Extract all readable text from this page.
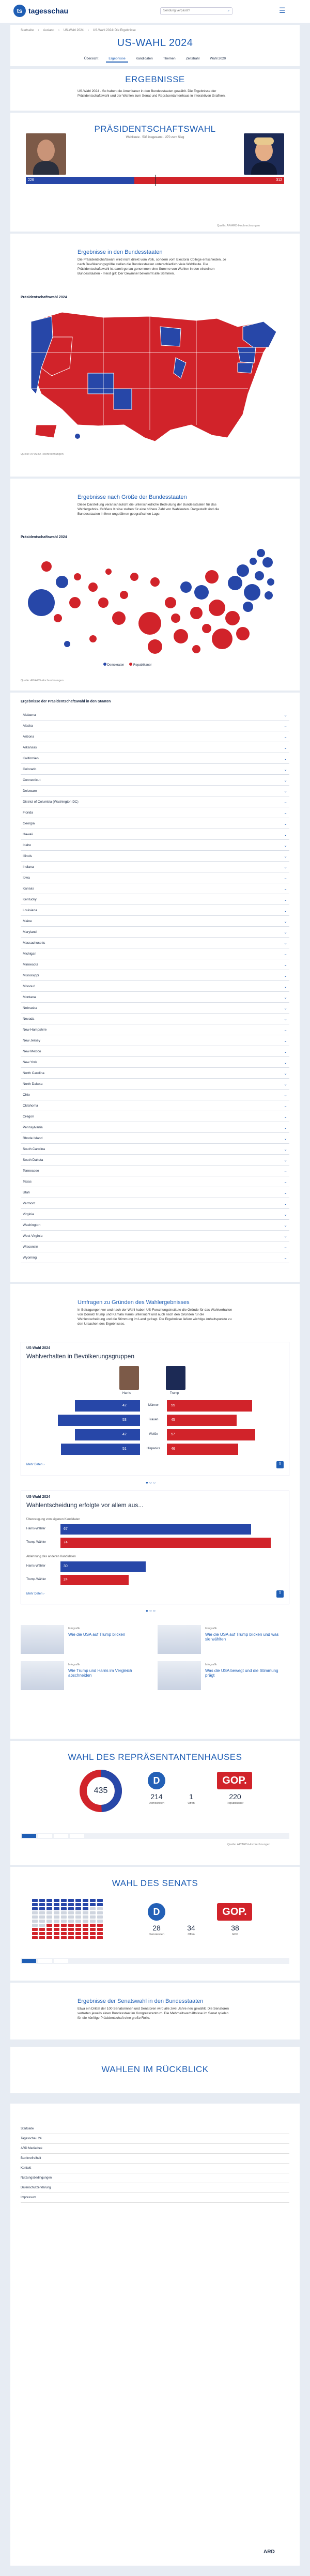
ts tagesschau	Sendung verpasst?	⌕	☰
Startseite › Ausland › US-Wahl 2024 › US-Wahl 2024: Die Ergebnisse
US-WAHL 2024
Übersicht	Ergebnisse	Kandidaten	Themen	Zeitstrahl	Wahl 2020
ERGEBNISSE
US-Wahl 2024 - So haben die Amerikaner in den Bundesstaaten gewählt. Die Ergebnisse der Präsidentschaftswahl und der Wahlen zum Senat und Repräsentantenhaus in interaktiven Grafiken.
PRÄSIDENTSCHAFTSWAHL
Wahlleute · 538 insgesamt · 270 zum Sieg
226	312
Quelle: AP/ARD-Hochrechnungen
Ergebnisse in den Bundesstaaten
Die Präsidentschaftswahl wird nicht direkt vom Volk, sondern vom Electoral College entschieden. Je nach Bevölkerungsgröße stellen die Bundesstaaten unterschiedlich viele Wahlleute. Die Präsidentschaftswahl ist damit genau genommen eine Summe von Wahlen in den einzelnen Bundesstaaten - meist gilt: Der Gewinner bekommt alle Stimmen.
Präsidentschaftswahl 2024
Quelle: AP/ARD-Hochrechnungen
Ergebnisse nach Größe der Bundesstaaten
Diese Darstellung veranschaulicht die unterschiedliche Bedeutung der Bundesstaaten für das Wahlergebnis. Größere Kreise stehen für eine höhere Zahl von Wahlleuten. Dargestellt sind die Bundesstaaten in ihrer ungefähren geografischen Lage.
Präsidentschaftswahl 2024
Demokraten	Republikaner
Quelle: AP/ARD-Hochrechnungen
Ergebnisse der Präsidentschaftswahl in den Staaten
Alabama	⌄
Alaska	⌄
Arizona	⌄
Arkansas	⌄
Kalifornien	⌄
Colorado	⌄
Connecticut	⌄
Delaware	⌄
District of Columbia (Washington DC)	⌄
Florida	⌄
Georgia	⌄
Hawaii	⌄
Idaho	⌄
Illinois	⌄
Indiana	⌄
Iowa	⌄
Kansas	⌄
Kentucky	⌄
Louisiana	⌄
Maine	⌄
Maryland	⌄
Massachusetts	⌄
Michigan	⌄
Minnesota	⌄
Mississippi	⌄
Missouri	⌄
Montana	⌄
Nebraska	⌄
Nevada	⌄
New Hampshire	⌄
New Jersey	⌄
New Mexico	⌄
New York	⌄
North Carolina	⌄
North Dakota	⌄
Ohio	⌄
Oklahoma	⌄
Oregon	⌄
Pennsylvania	⌄
Rhode Island	⌄
South Carolina	⌄
South Dakota	⌄
Tennessee	⌄
Texas	⌄
Utah	⌄
Vermont	⌄
Virginia	⌄
Washington	⌄
West Virginia	⌄
Wisconsin	⌄
Wyoming	⌄
Umfragen zu Gründen des Wahlergebnisses
In Befragungen vor und nach der Wahl haben US-Forschungsinstitute die Gründe für das Wahlverhalten von Donald Trump und Kamala Harris untersucht und auch nach den Gründen für die Wahlentscheidung und die Stimmung im Land gefragt. Die Ergebnisse liefern wichtige Anhaltspunkte zu den Ursachen des Ergebnisses.
US-Wahl 2024
Wahlverhalten in Bevölkerungsgruppen
Harris	Trump
42	Männer	55
53	Frauen	45
42	Weiße	57
51	Hispanics	46
Mehr Daten ›	⇪
● ○ ○
US-Wahl 2024
Wahlentscheidung erfolgte vor allem aus...
Überzeugung vom eigenen Kandidaten
Ablehnung des anderen Kandidaten
Harris-Wähler	67
Trump-Wähler	74
Harris-Wähler	30
Trump-Wähler	24
Mehr Daten ›	⇪
● ○ ○
Infografik
Wie die USA auf Trump blicken
Infografik
Wie die USA auf Trump blicken und was sie wählten
Infografik
Wie Trump und Harris im Vergleich abschneiden
Infografik
Was die USA bewegt und die Stimmung prägt
WAHL DES REPRÄSENTANTENHAUSES
435
D
214
Demokraten
1
Offen
GOP.
220
Republikaner
Quelle: AP/ARD-Hochrechnungen
WAHL DES SENATS
D
28
Demokraten
34
Offen
GOP.
38
GOP
Ergebnisse der Senatswahl in den Bundesstaaten
Etwa ein Drittel der 100 Senatorinnen und Senatoren wird alle zwei Jahre neu gewählt. Die Senatoren vertreten jeweils einen Bundesstaat im Kongresszentrum. Die Mehrheitsverhältnisse im Senat spielen für die künftige Präsidentschaft eine große Rolle.
WAHLEN IM RÜCKBLICK
Startseite
Tagesschau 24
ARD Mediathek
Barrierefreiheit
Kontakt
Nutzungsbedingungen
Datenschutzerklärung
Impressum
ARD
